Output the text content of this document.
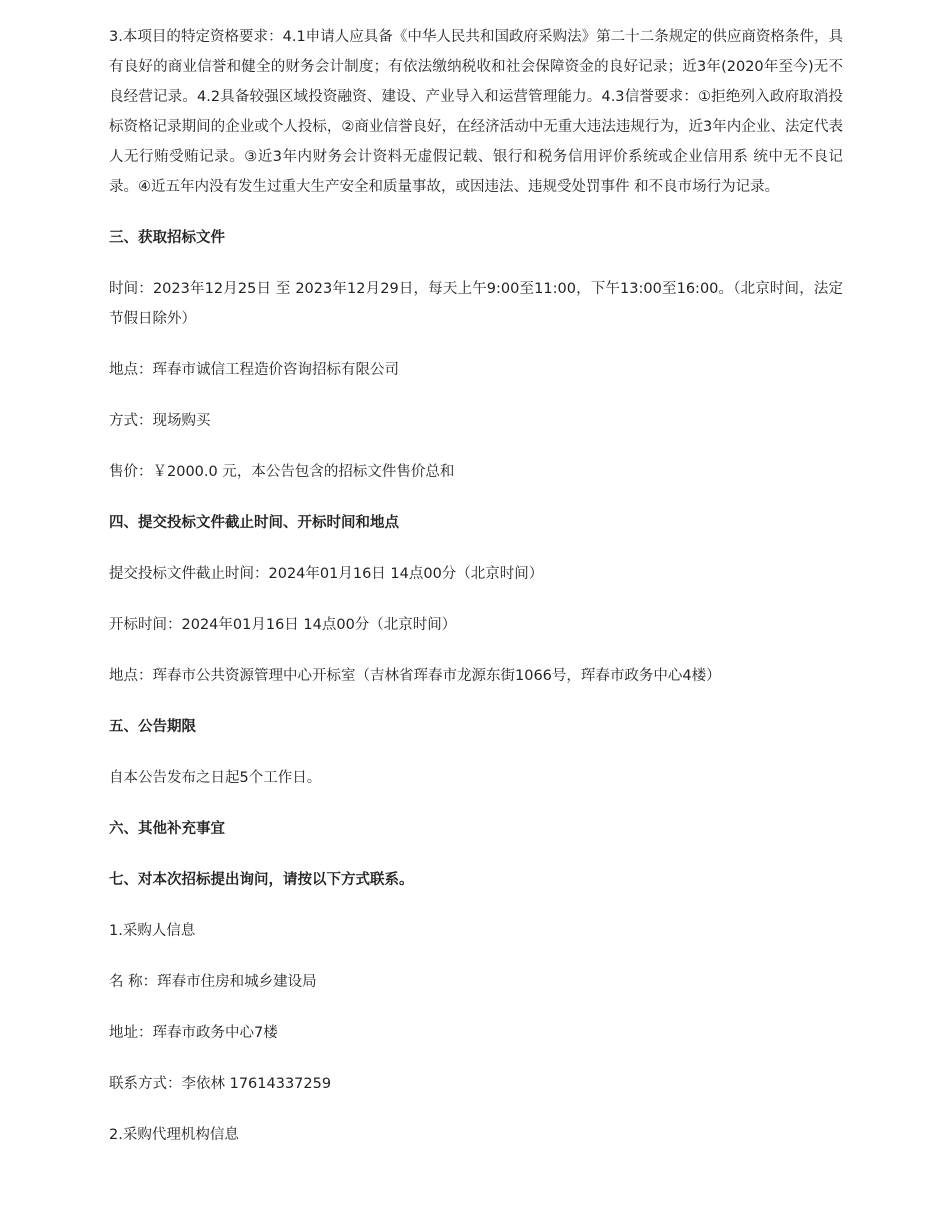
3.本项目的特定资格要求：4.1申请人应具备《中华人民共和国政府采购法》第二十二条规定的供应商资格条件，具有良好的商业信誉和健全的财务会计制度；有依法缴纳税收和社会保障资金的良好记录；近3年(2020年至今)无不良经营记录。4.2具备较强区域投资融资、建设、产业导入和运营管理能力。4.3信誉要求：①拒绝列入政府取消投标资格记录期间的企业或个人投标，②商业信誉良好，在经济活动中无重大违法违规行为，近3年内企业、法定代表人无行贿受贿记录。③近3年内财务会计资料无虚假记载、银行和税务信用评价系统或企业信用系 统中无不良记录。④近五年内没有发生过重大生产安全和质量事故，或因违法、违规受处罚事件 和不良市场行为记录。

三、获取招标文件

时间：2023年12月25日 至 2023年12月29日，每天上午9:00至11:00，下午13:00至16:00。（北京时间，法定节假日除外）

地点：珲春市诚信工程造价咨询招标有限公司

方式：现场购买

售价：￥2000.0 元，本公告包含的招标文件售价总和

四、提交投标文件截止时间、开标时间和地点

提交投标文件截止时间：2024年01月16日 14点00分（北京时间）

开标时间：2024年01月16日 14点00分（北京时间）

地点：珲春市公共资源管理中心开标室（吉林省珲春市龙源东街1066号，珲春市政务中心4楼）

五、公告期限

自本公告发布之日起5个工作日。

六、其他补充事宜

七、对本次招标提出询问，请按以下方式联系。

1.采购人信息

名 称：珲春市住房和城乡建设局

地址：珲春市政务中心7楼

联系方式：李依林 17614337259

2.采购代理机构信息
